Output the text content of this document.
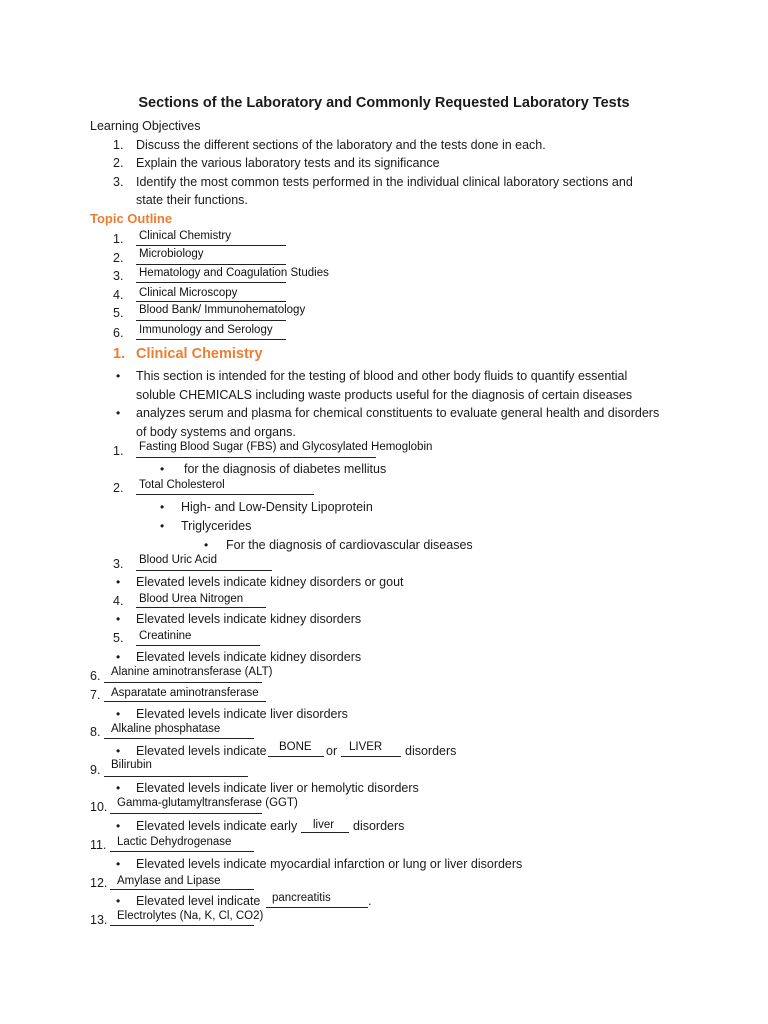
Sections of the Laboratory and Commonly Requested Laboratory Tests
Learning Objectives
1. Discuss the different sections of the laboratory and the tests done in each.
2. Explain the various laboratory tests and its significance
3. Identify the most common tests performed in the individual clinical laboratory sections and
state their functions.
Topic Outline
1. Clinical Chemistry
2. Microbiology
3. Hematology and Coagulation Studies
4. Clinical Microscopy
5. Blood Bank/ Immunohematology
6. Immunology and Serology
1. Clinical Chemistry
• This section is intended for the testing of blood and other body fluids to quantify essential
soluble CHEMICALS including waste products useful for the diagnosis of certain diseases
• analyzes serum and plasma for chemical constituents to evaluate general health and disorders
of body systems and organs.
1. Fasting Blood Sugar (FBS) and Glycosylated Hemoglobin
• for the diagnosis of diabetes mellitus
2. Total Cholesterol
• High- and Low-Density Lipoprotein
• Triglycerides
• For the diagnosis of cardiovascular diseases
3. Blood Uric Acid
• Elevated levels indicate kidney disorders or gout
4. Blood Urea Nitrogen
• Elevated levels indicate kidney disorders
5. Creatinine
• Elevated levels indicate kidney disorders
6. Alanine aminotransferase (ALT)
7. Asparatate aminotransferase
• Elevated levels indicate liver disorders
8. Alkaline phosphatase
• Elevated levels indicate BONE or LIVER disorders
9. Bilirubin
• Elevated levels indicate liver or hemolytic disorders
10. Gamma-glutamyltransferase (GGT)
• Elevated levels indicate early liver disorders
11. Lactic Dehydrogenase
• Elevated levels indicate myocardial infarction or lung or liver disorders
12. Amylase and Lipase
• Elevated level indicate pancreatitis	.
13. Electrolytes (Na, K, Cl, CO2)
